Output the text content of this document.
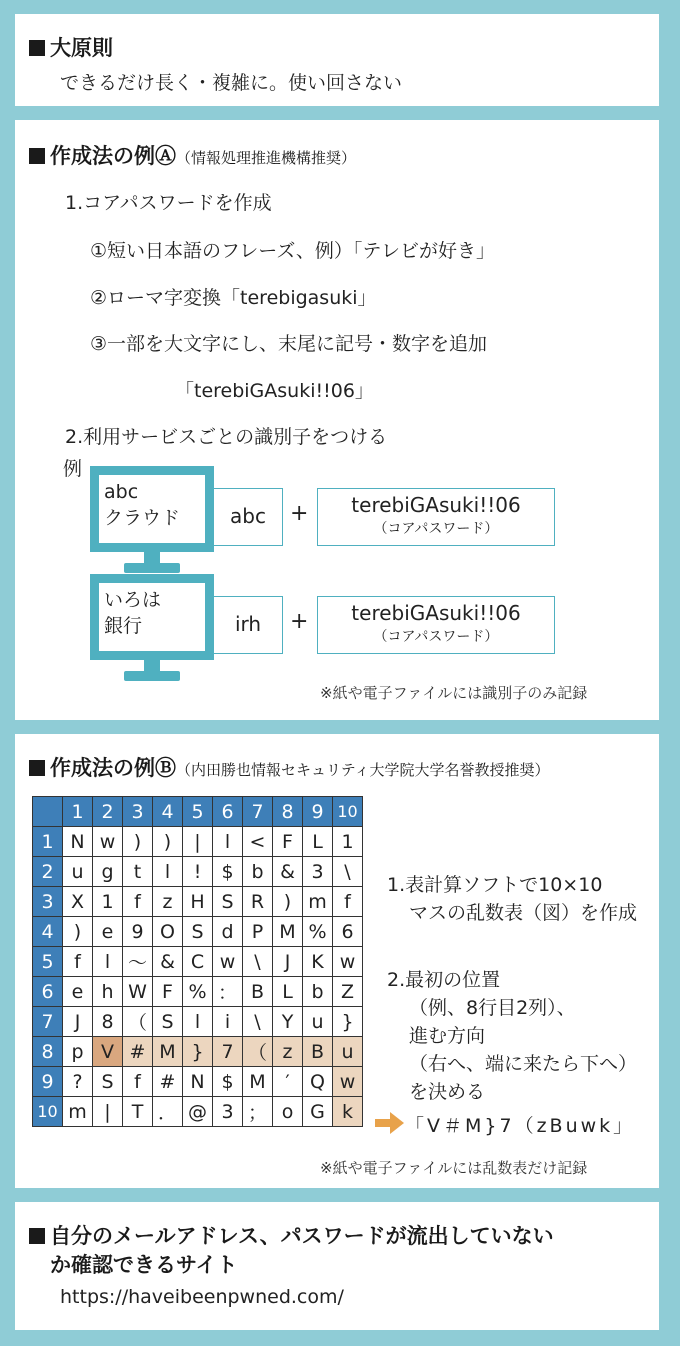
大原則
できるだけ長く・複雑に。使い回さない
作成法の例Ⓐ（情報処理推進機構推奨）
1.コアパスワードを作成
①短い日本語のフレーズ、例）「テレビが好き」
②ローマ字変換「terebigasuki」
③一部を大文字にし、末尾に記号・数字を追加
「terebiGAsuki!!06」
2.利用サービスごとの識別子をつける
例
abc
クラウド	abc	+	terebiGAsuki!!06
（コアパスワード）
いろは
銀行	irh	+	terebiGAsuki!!06
（コアパスワード）
※紙や電子ファイルには識別子のみ記録
作成法の例Ⓑ（内田勝也情報セキュリティ大学院大学名誉教授推奨）
	1	2	3	4	5	6	7	8	9	10
1	N	w	)	)	|	l	<	F	L	1
2	u	g	t	l	!	$	b	&	3	\
3	X	1	f	z	H	S	R	)	m	f
4	)	e	9	O	S	d	P	M	%	6
5	f	l	～	&	C	w	\	J	K	w
6	e	h	W	F	%	：	B	L	b	Z
7	J	8	（	S	l	i	\	Y	u	}
8	p	V	#	M	}	7	（	z	B	u
9	?	S	f	#	N	$	M	′	Q	w
10	m	|	T	．	@	3	；	o	G	k
1.表計算ソフトで10×10
マスの乱数表（図）を作成
2.最初の位置
（例、8行目2列）、
進む方向
（右へ、端に来たら下へ）
を決める
「V＃M}7（zBuwk」
※紙や電子ファイルには乱数表だけ記録
自分のメールアドレス、パスワードが流出していない
か確認できるサイト
https://haveibeenpwned.com/
